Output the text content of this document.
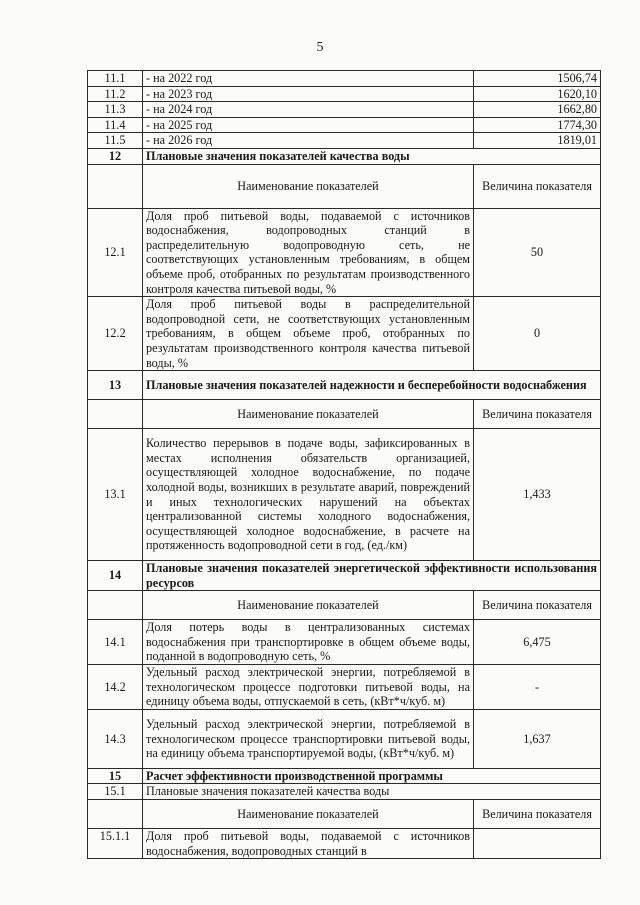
5
11.1	- на 2022 год	1506,74
11.2	- на 2023 год	1620,10
11.3	- на 2024 год	1662,80
11.4	- на 2025 год	1774,30
11.5	- на 2026 год	1819,01
12	Плановые значения показателей качества воды	
	Наименование показателей	Величина показателя
12.1	Доля проб питьевой воды, подаваемой с источников водоснабжения, водопроводных станций в распределительную водопроводную сеть, не соответствующих установленным требованиям, в общем объеме проб, отобранных по результатам производственного контроля качества питьевой воды, %	50
12.2	Доля проб питьевой воды в распределительной водопроводной сети, не соответствующих установленным требованиям, в общем объеме проб, отобранных по результатам производственного контроля качества питьевой воды, %	0
13	Плановые значения показателей надежности и бесперебойности водоснабжения	
	Наименование показателей	Величина показателя
13.1	Количество перерывов в подаче воды, зафиксированных в местах исполнения обязательств организацией, осуществляющей холодное водоснабжение, по подаче холодной воды, возникших в результате аварий, повреждений и иных технологических нарушений на объектах централизованной системы холодного водоснабжения, осуществляющей холодное водоснабжение, в расчете на протяженность водопроводной сети в год, (ед./км)	1,433
14	Плановые значения показателей энергетической эффективности использования ресурсов	
	Наименование показателей	Величина показателя
14.1	Доля потерь воды в централизованных системах водоснабжения при транспортировке в общем объеме воды, поданной в водопроводную сеть, %	6,475
14.2	Удельный расход электрической энергии, потребляемой в технологическом процессе подготовки питьевой воды, на единицу объема воды, отпускаемой в сеть, (кВт*ч/куб. м)	-
14.3	Удельный расход электрической энергии, потребляемой в технологическом процессе транспортировки питьевой воды, на единицу объема транспортируемой воды, (кВт*ч/куб. м)	1,637
15	Расчет эффективности производственной программы	
15.1	Плановые значения показателей качества воды	
	Наименование показателей	Величина показателя
15.1.1	Доля проб питьевой воды, подаваемой с источников водоснабжения, водопроводных станций в	
